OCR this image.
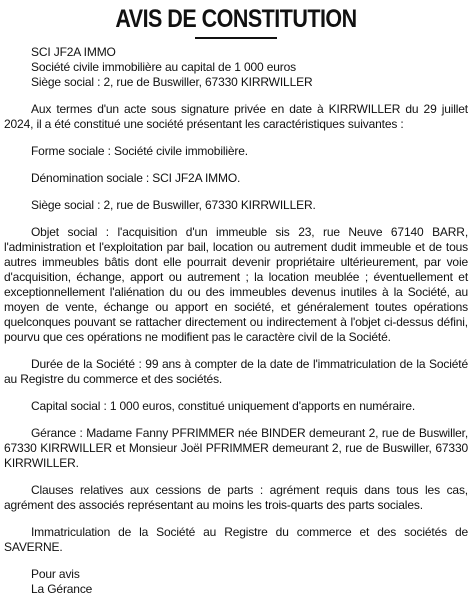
AVIS DE CONSTITUTION
SCI JF2A IMMO
Société civile immobilière au capital de 1 000 euros
Siège social : 2, rue de Buswiller, 67330 KIRRWILLER

Aux termes d'un acte sous signature privée en date à KIRRWILLER du 29 juillet 2024, il a été constitué une société présentant les caractéristiques suivantes :

Forme sociale : Société civile immobilière.

Dénomination sociale : SCI JF2A IMMO.

Siège social : 2, rue de Buswiller, 67330 KIRRWILLER.

Objet social : l'acquisition d'un immeuble sis 23, rue Neuve 67140 BARR, l'administration et l'exploitation par bail, location ou autrement dudit immeuble et de tous autres immeubles bâtis dont elle pourrait devenir propriétaire ultérieurement, par voie d'acquisition, échange, apport ou autrement ; la location meublée ; éventuellement et exceptionnellement l'aliénation du ou des immeubles devenus inutiles à la Société, au moyen de vente, échange ou apport en société, et généralement toutes opérations quelconques pouvant se rattacher directement ou indirectement à l'objet ci-dessus défini, pourvu que ces opérations ne modifient pas le caractère civil de la Société.

Durée de la Société : 99 ans à compter de la date de l'immatriculation de la Société au Registre du commerce et des sociétés.

Capital social : 1 000 euros, constitué uniquement d'apports en numéraire.

Gérance : Madame Fanny PFRIMMER née BINDER demeurant 2, rue de Buswiller, 67330 KIRRWILLER et Monsieur Joël PFRIMMER demeurant 2, rue de Buswiller, 67330 KIRRWILLER.

Clauses relatives aux cessions de parts : agrément requis dans tous les cas, agrément des associés représentant au moins les trois-quarts des parts sociales.

Immatriculation de la Société au Registre du commerce et des sociétés de SAVERNE.

Pour avis
La Gérance
